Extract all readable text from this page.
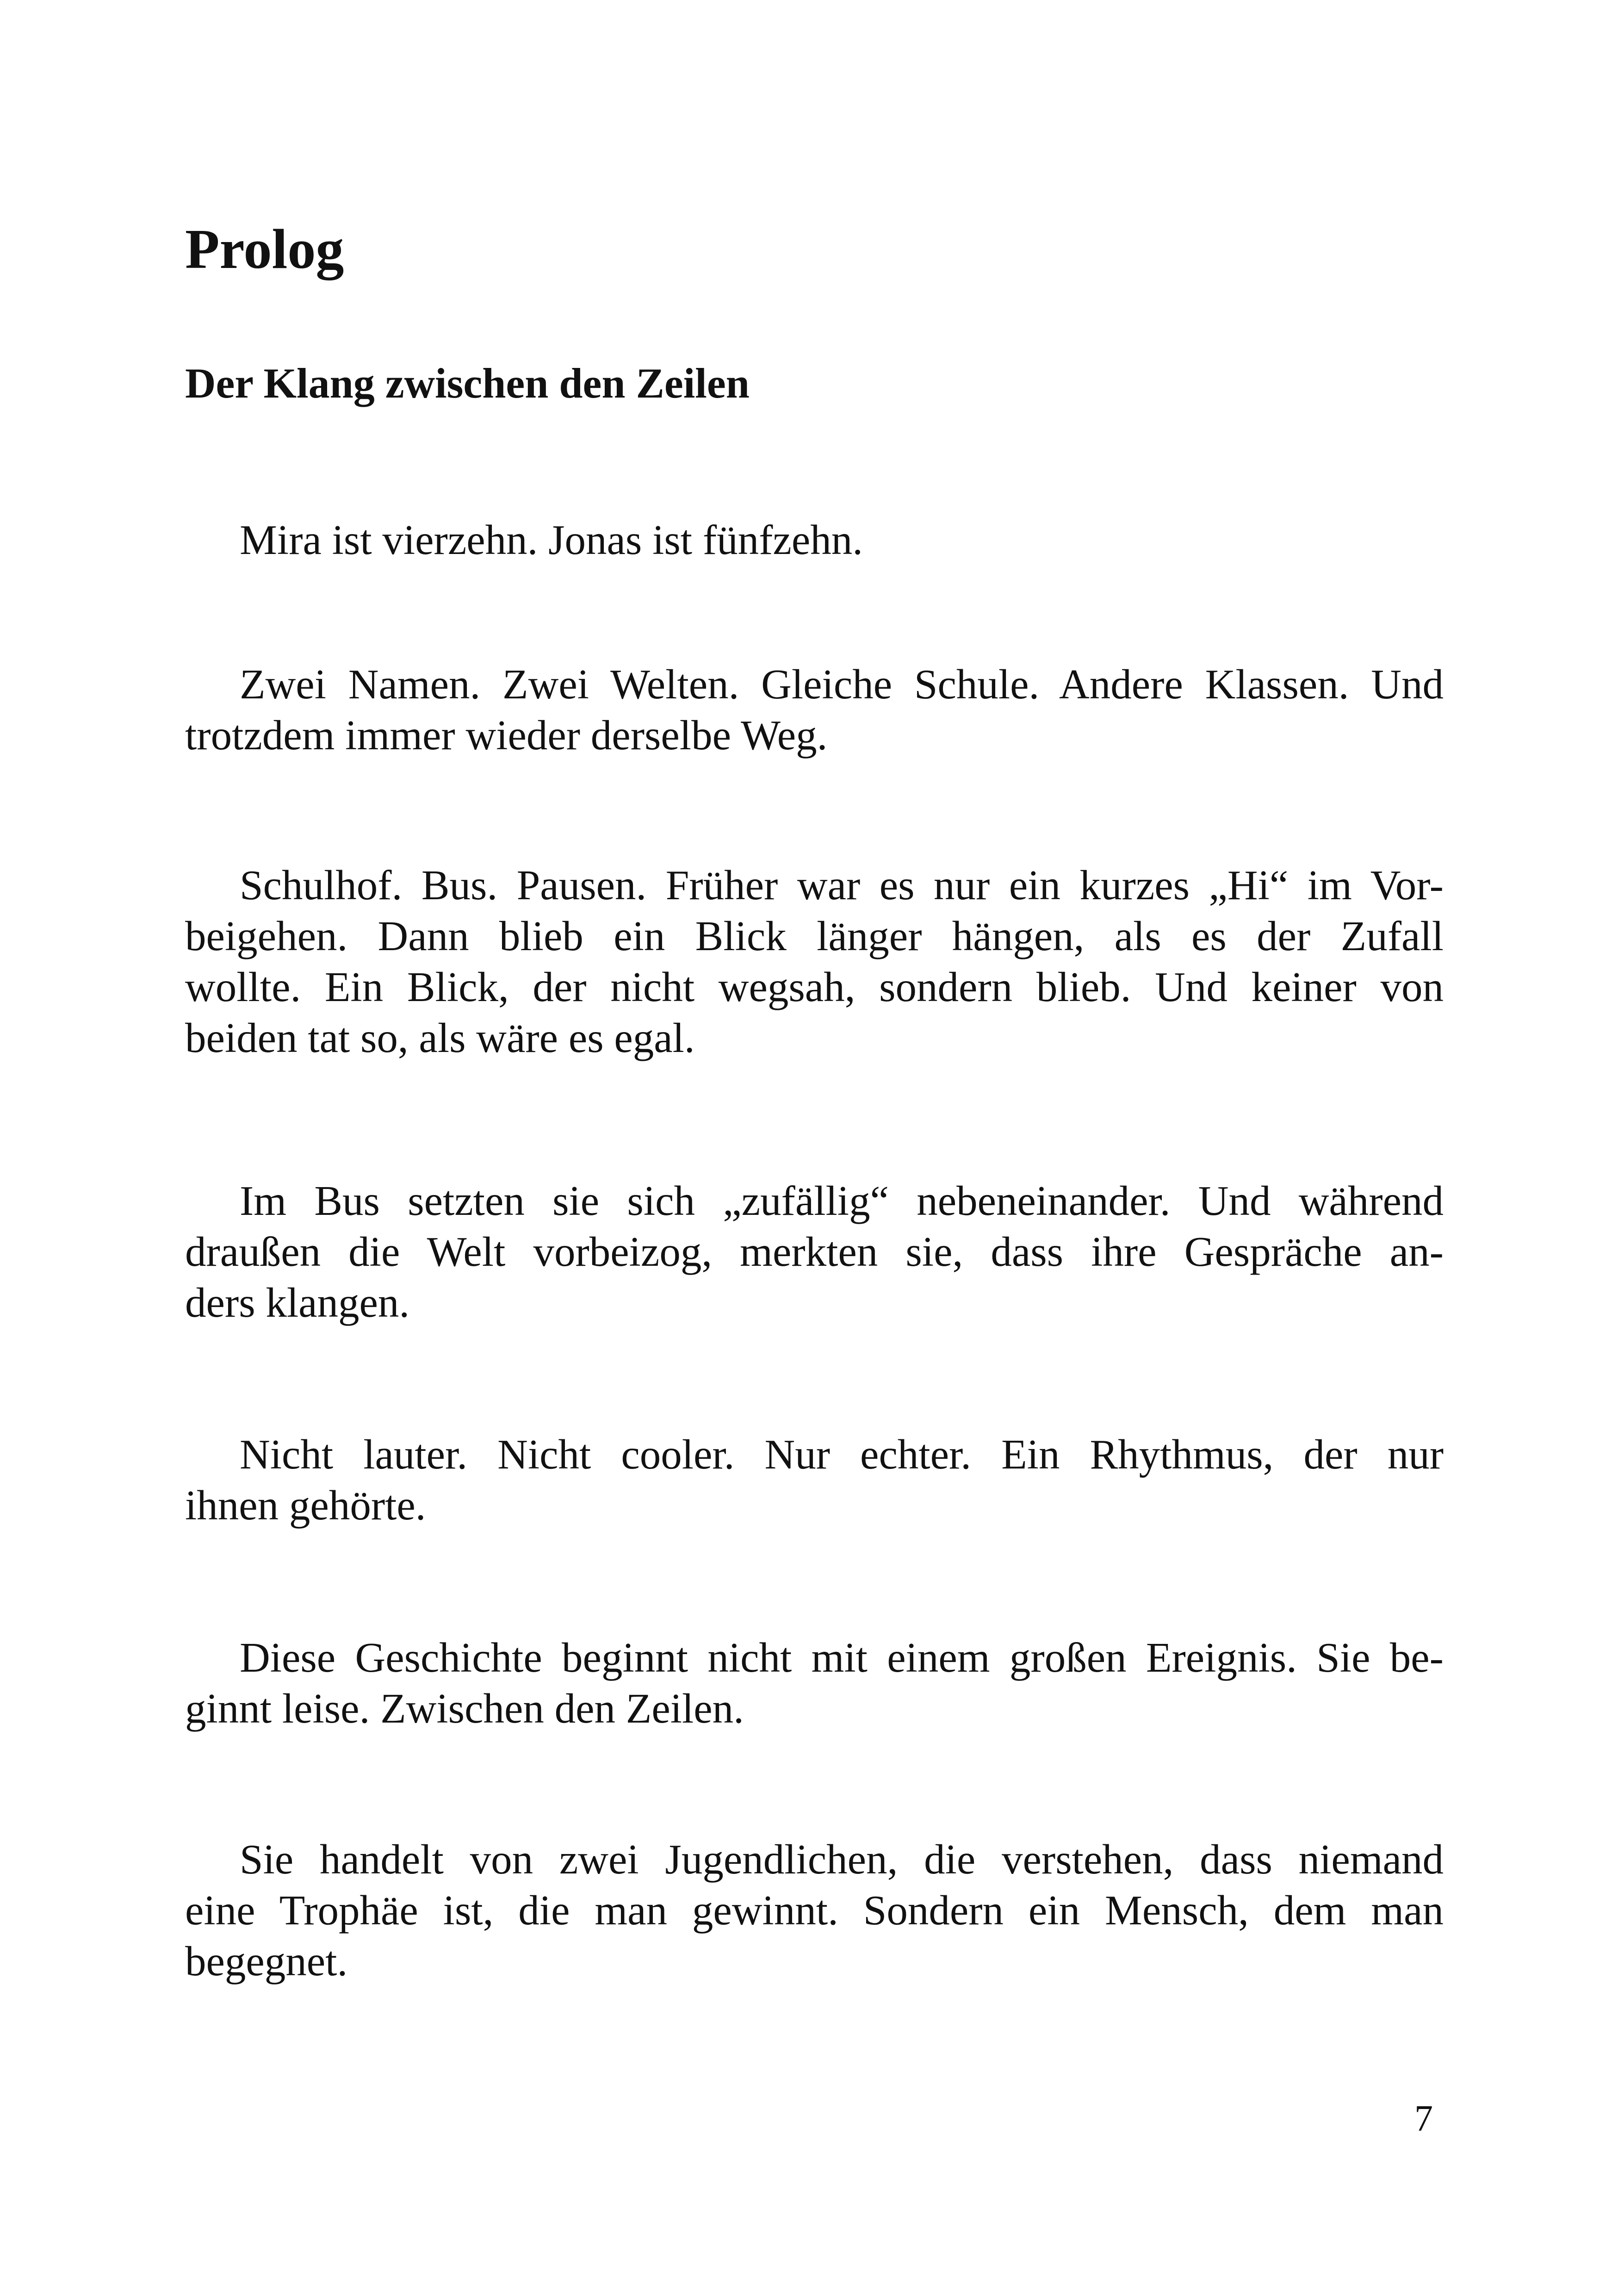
Prolog
Der Klang zwischen den Zeilen

Mira ist vierzehn. Jonas ist fünfzehn.

Zwei Namen. Zwei Welten. Gleiche Schule. Andere Klassen. Und
trotzdem immer wieder derselbe Weg.

Schulhof. Bus. Pausen. Früher war es nur ein kurzes „Hi“ im Vor-
beigehen. Dann blieb ein Blick länger hängen, als es der Zufall
wollte. Ein Blick, der nicht wegsah, sondern blieb. Und keiner von
beiden tat so, als wäre es egal.

Im Bus setzten sie sich „zufällig“ nebeneinander. Und während
draußen die Welt vorbeizog, merkten sie, dass ihre Gespräche an-
ders klangen.

Nicht lauter. Nicht cooler. Nur echter. Ein Rhythmus, der nur
ihnen gehörte.

Diese Geschichte beginnt nicht mit einem großen Ereignis. Sie be-
ginnt leise. Zwischen den Zeilen.

Sie handelt von zwei Jugendlichen, die verstehen, dass niemand
eine Trophäe ist, die man gewinnt. Sondern ein Mensch, dem man
begegnet.

7
